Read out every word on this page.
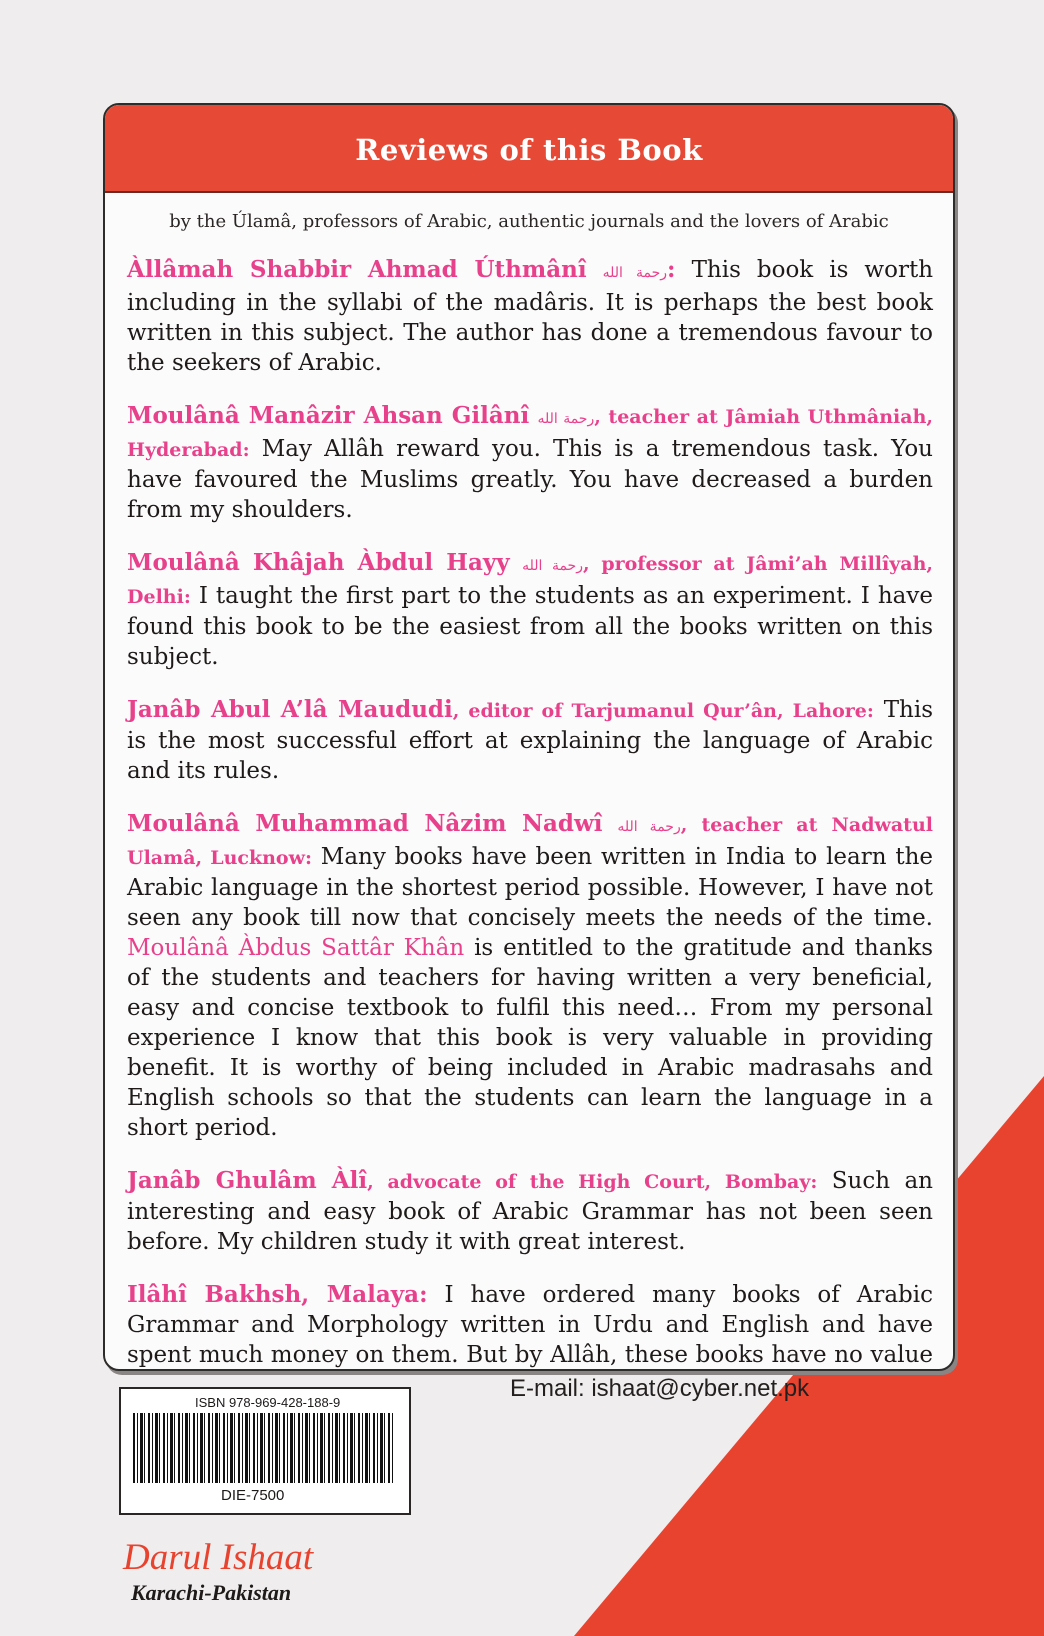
Reviews of this Book
by the Úlamâ, professors of Arabic, authentic journals and the lovers of Arabic

Àllâmah Shabbir Ahmad Úthmânî رحمة الله: This book is worth including in the syllabi of the madâris. It is perhaps the best book written in this subject. The author has done a tremendous favour to the seekers of Arabic.

Moulânâ Manâzir Ahsan Gilânî رحمة الله, teacher at Jâmiah Uthmâniah, Hyderabad: May Allâh reward you. This is a tremendous task. You have favoured the Muslims greatly. You have decreased a burden from my shoulders.

Moulânâ Khâjah Àbdul Hayy رحمة الله, professor at Jâmi’ah Millîyah, Delhi: I taught the first part to the students as an experiment. I have found this book to be the easiest from all the books written on this subject.

Janâb Abul A’lâ Maududi, editor of Tarjumanul Qur’ân, Lahore: This is the most successful effort at explaining the language of Arabic and its rules.

Moulânâ Muhammad Nâzim Nadwî رحمة الله, teacher at Nadwatul Ulamâ, Lucknow: Many books have been written in India to learn the Arabic language in the shortest period possible. However, I have not seen any book till now that concisely meets the needs of the time. Moulânâ Àbdus Sattâr Khân is entitled to the gratitude and thanks of the students and teachers for having written a very beneficial, easy and concise textbook to fulfil this need… From my personal experience I know that this book is very valuable in providing benefit. It is worthy of being included in Arabic madrasahs and English schools so that the students can learn the language in a short period.

Janâb Ghulâm Àlî, advocate of the High Court, Bombay: Such an interesting and easy book of Arabic Grammar has not been seen before. My children study it with great interest.

Ilâhî Bakhsh, Malaya: I have ordered many books of Arabic Grammar and Morphology written in Urdu and English and have spent much money on them. But by Allâh, these books have no value

E-mail: ishaat@cyber.net.pk
ISBN 978-969-428-188-9
DIE-7500
Darul Ishaat
Karachi-Pakistan
